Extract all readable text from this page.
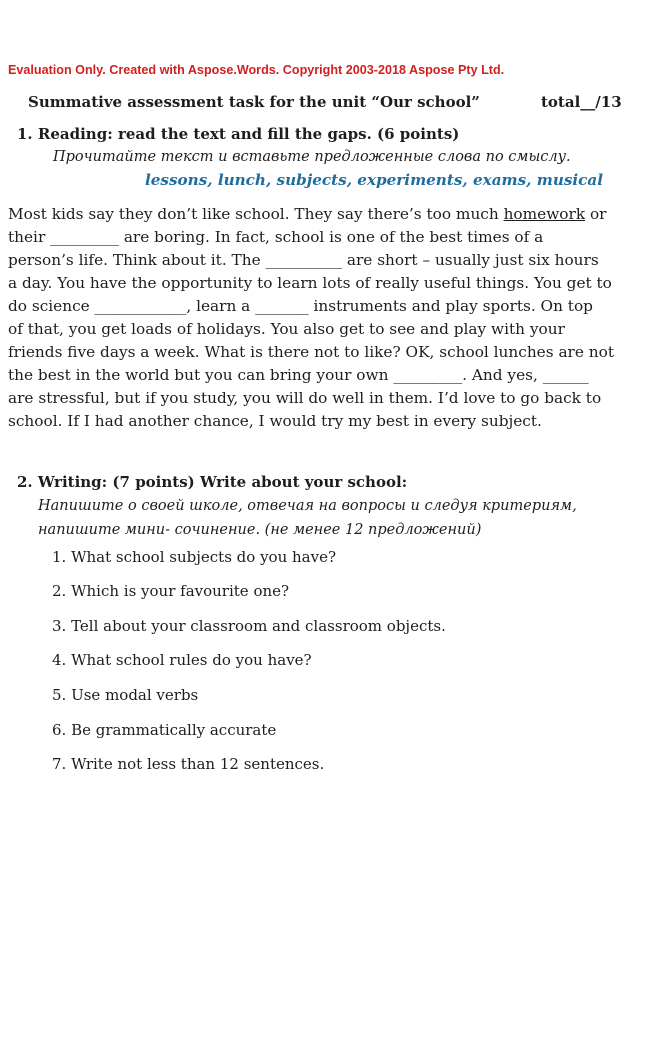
Evaluation Only. Created with Aspose.Words. Copyright 2003-2018 Aspose Pty Ltd.
Summative assessment task for the unit “Our school”	total__/13
1. Reading: read the text and fill the gaps. (6 points)
Прочитайте текст и вставьте предложенные слова по смыслу.
lessons, lunch, subjects, experiments, exams, musical
Most kids say they don’t like school. They say there’s too much homework or
their _________ are boring. In fact, school is one of the best times of a
person’s life. Think about it. The __________ are short – usually just six hours
a day. You have the opportunity to learn lots of really useful things. You get to
do science ____________, learn a _______ instruments and play sports. On top
of that, you get loads of holidays. You also get to see and play with your
friends five days a week. What is there not to like? OK, school lunches are not
the best in the world but you can bring your own _________. And yes, ______
are stressful, but if you study, you will do well in them. I’d love to go back to
school. If I had another chance, I would try my best in every subject.
2. Writing: (7 points) Write about your school:
Напишите о своей школе, отвечая на вопросы и следуя критериям,
напишите мини- сочинение. (не менее 12 предложений)
1. What school subjects do you have?
2. Which is your favourite one?
3. Tell about your classroom and classroom objects.
4. What school rules do you have?
5. Use modal verbs
6. Be grammatically accurate
7. Write not less than 12 sentences.
